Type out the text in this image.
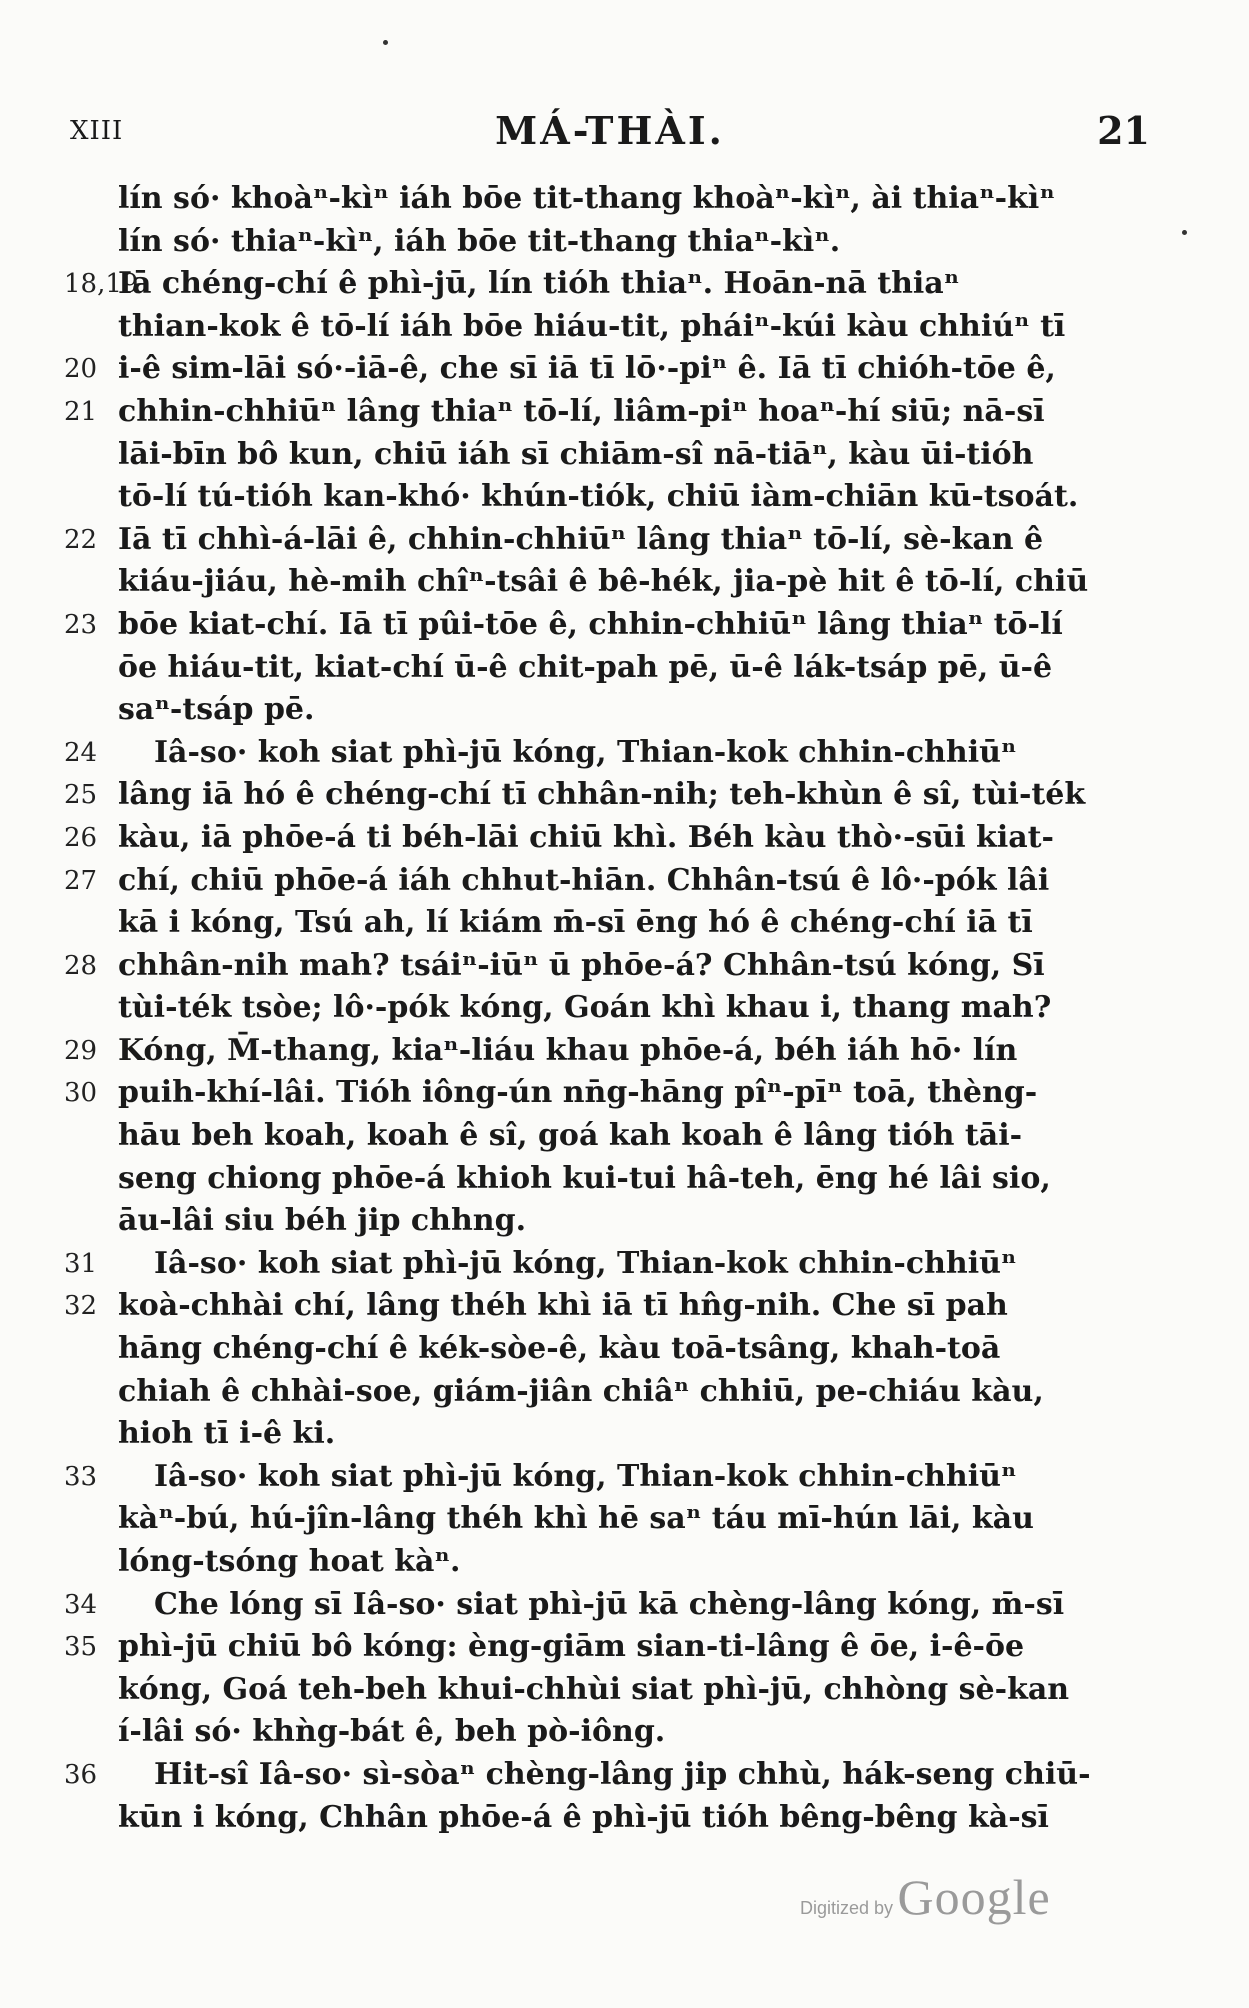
XIII	MÁ-THÀI.	21
lín só· khoàⁿ-kìⁿ iáh bōe tit-thang khoàⁿ-kìⁿ, ài thiaⁿ-kìⁿ
lín só· thiaⁿ-kìⁿ, iáh bōe tit-thang thiaⁿ-kìⁿ.
18,19
Iā chéng-chí ê phì-jū, lín tióh thiaⁿ. Hoān-nā thiaⁿ
thian-kok ê tō-lí iáh bōe hiáu-tit, pháiⁿ-kúi kàu chhiúⁿ tī
20 i-ê sim-lāi só·-iā-ê, che sī iā tī lō·-piⁿ ê. Iā tī chióh-tōe ê,
21 chhin-chhiūⁿ lâng thiaⁿ tō-lí, liâm-piⁿ hoaⁿ-hí siū; nā-sī
lāi-bīn bô kun, chiū iáh sī chiām-sî nā-tiāⁿ, kàu ūi-tióh
tō-lí tú-tióh kan-khó· khún-tiók, chiū iàm-chiān kū-tsoát.
22 Iā tī chhì-á-lāi ê, chhin-chhiūⁿ lâng thiaⁿ tō-lí, sè-kan ê
kiáu-jiáu, hè-mih chîⁿ-tsâi ê bê-hék, jia-pè hit ê tō-lí, chiū
23 bōe kiat-chí. Iā tī pûi-tōe ê, chhin-chhiūⁿ lâng thiaⁿ tō-lí
ōe hiáu-tit, kiat-chí ū-ê chit-pah pē, ū-ê lák-tsáp pē, ū-ê
saⁿ-tsáp pē.
24	Iâ-so· koh siat phì-jū kóng, Thian-kok chhin-chhiūⁿ
25 lâng iā hó ê chéng-chí tī chhân-nih; teh-khùn ê sî, tùi-ték
26 kàu, iā phōe-á ti béh-lāi chiū khì. Béh kàu thò·-sūi kiat-
27 chí, chiū phōe-á iáh chhut-hiān. Chhân-tsú ê lô·-pók lâi
kā i kóng, Tsú ah, lí kiám m̄-sī ēng hó ê chéng-chí iā tī
28 chhân-nih mah? tsáiⁿ-iūⁿ ū phōe-á? Chhân-tsú kóng, Sī
tùi-ték tsòe; lô·-pók kóng, Goán khì khau i, thang mah?
29 Kóng, M̄-thang, kiaⁿ-liáu khau phōe-á, béh iáh hō· lín
30 puih-khí-lâi. Tióh iông-ún nn̄g-hāng pîⁿ-pīⁿ toā, thèng-
hāu beh koah, koah ê sî, goá kah koah ê lâng tióh tāi-
seng chiong phōe-á khioh kui-tui hâ-teh, ēng hé lâi sio,
āu-lâi siu béh jip chhng.
31	Iâ-so· koh siat phì-jū kóng, Thian-kok chhin-chhiūⁿ
32 koà-chhài chí, lâng théh khì iā tī hn̂g-nih. Che sī pah
hāng chéng-chí ê kék-sòe-ê, kàu toā-tsâng, khah-toā
chiah ê chhài-soe, giám-jiân chiâⁿ chhiū, pe-chiáu kàu,
hioh tī i-ê ki.
33	Iâ-so· koh siat phì-jū kóng, Thian-kok chhin-chhiūⁿ
kàⁿ-bú, hú-jîn-lâng théh khì hē saⁿ táu mī-hún lāi, kàu
lóng-tsóng hoat kàⁿ.
34	Che lóng sī Iâ-so· siat phì-jū kā chèng-lâng kóng, m̄-sī
35 phì-jū chiū bô kóng: èng-giām sian-ti-lâng ê ōe, i-ê-ōe
kóng, Goá teh-beh khui-chhùi siat phì-jū, chhòng sè-kan
í-lâi só· khǹg-bát ê, beh pò-iông.
36	Hit-sî Iâ-so· sì-sòaⁿ chèng-lâng jip chhù, hák-seng chiū-
kūn i kóng, Chhân phōe-á ê phì-jū tióh bêng-bêng kà-sī
Digitized by Google
